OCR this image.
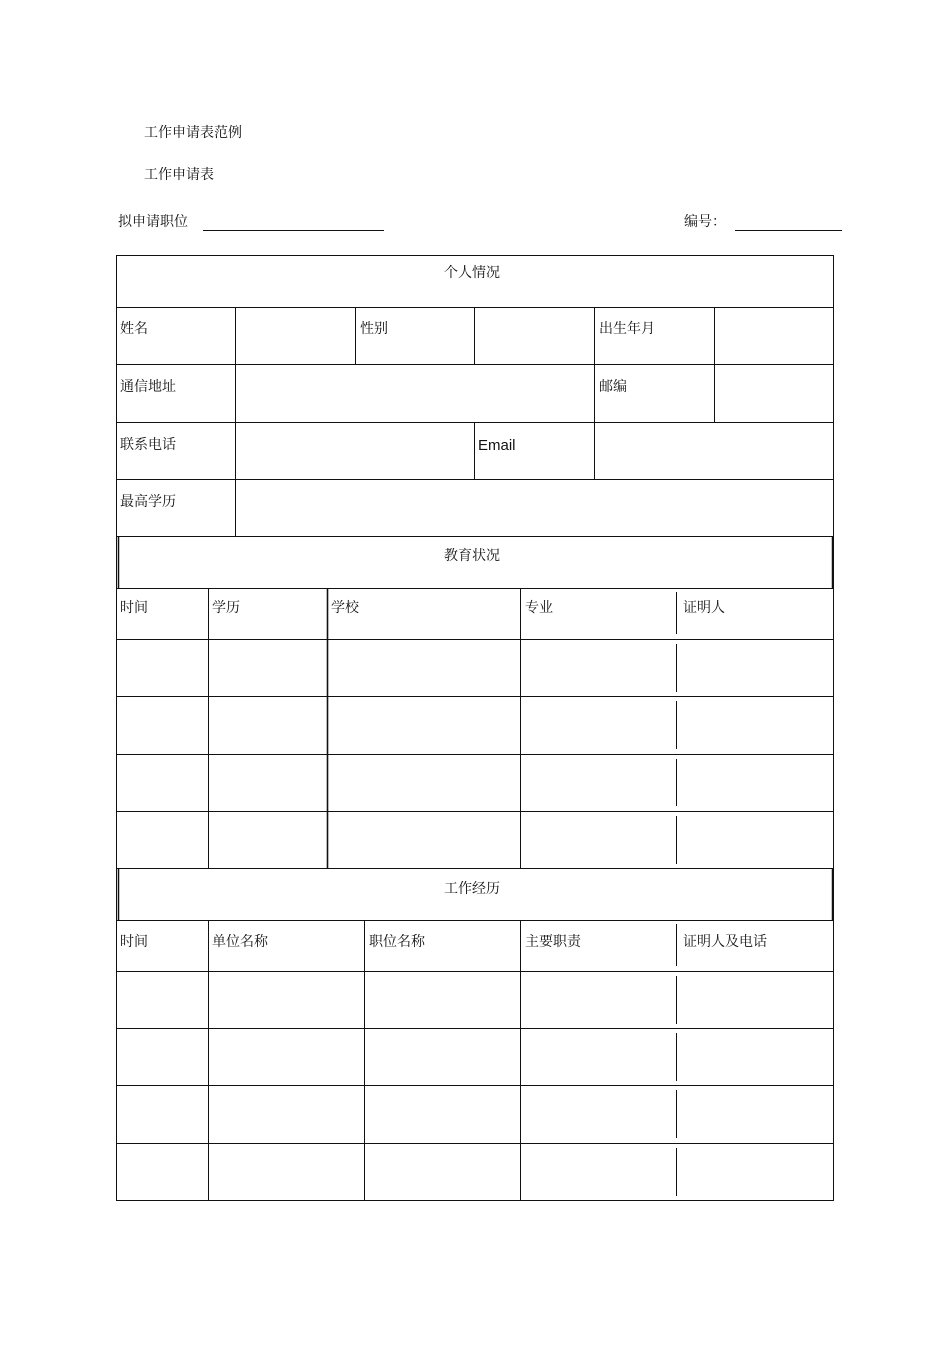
工作申请表范例
工作申请表
拟申请职位	编号：
个人情况
姓名	性别	出生年月
通信地址	邮编
联系电话	Email
最高学历
教育状况
时间	学历	学校	专业	证明人
工作经历
时间	单位名称	职位名称	主要职责	证明人及电话
